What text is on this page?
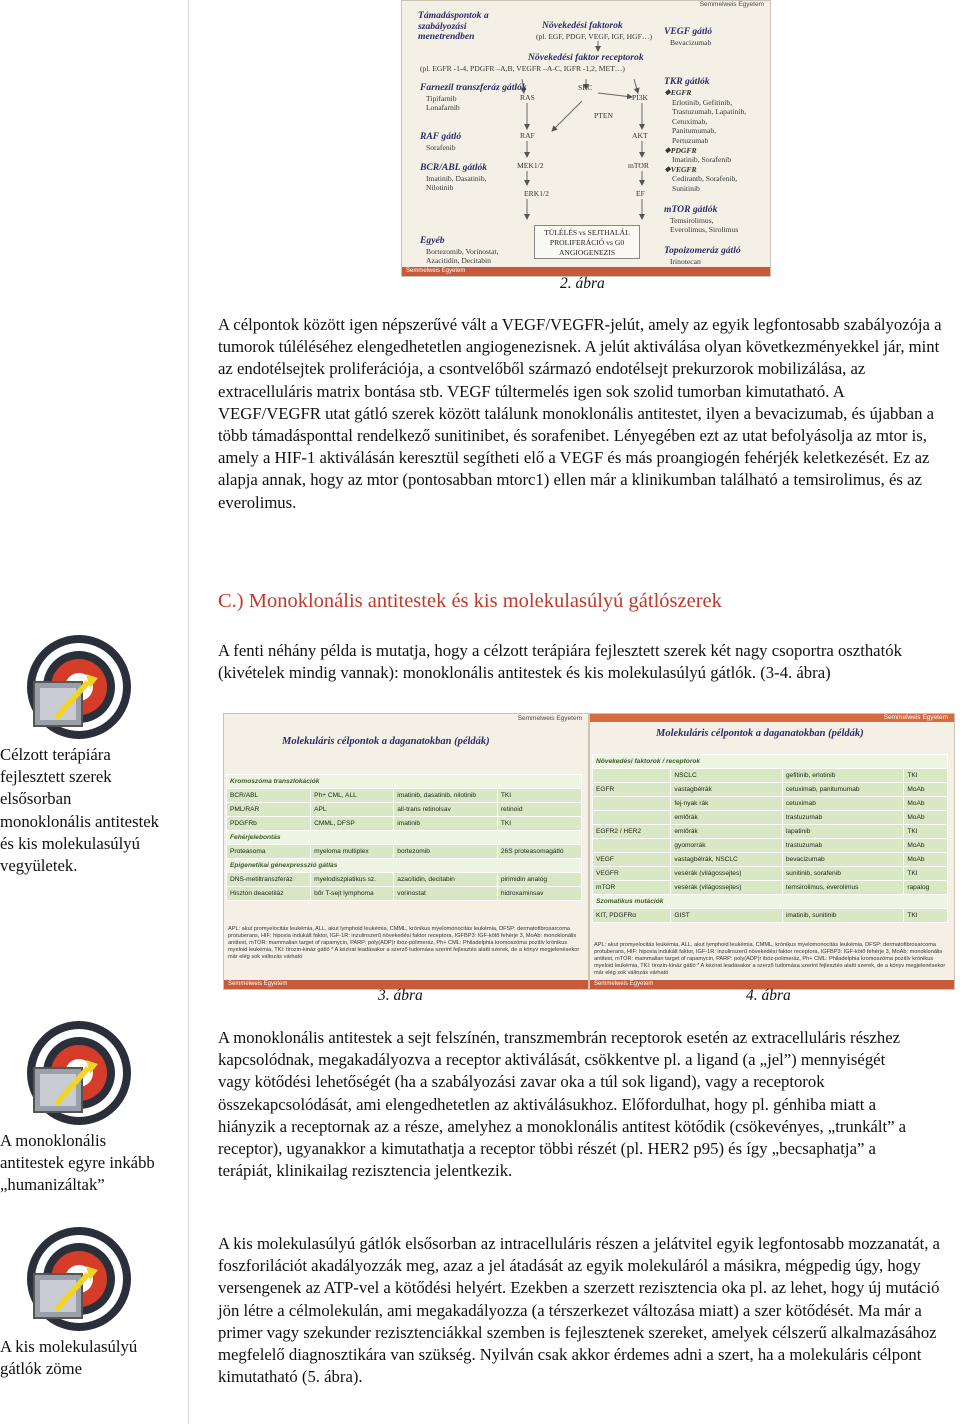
Semmelweis Egyetem
Támadáspontok a szabályozási menetrendben
Növekedési faktorok
(pl. EGF, PDGF, VEGF, IGF, HGF…) VEGF gátló
Bevacizumab
Növekedési faktor receptorok
(pl. EGFR -1-4, PDGFR –A,B, VEGFR –A-C, IGFR -1,2, MET…)
Farnezil transzferáz gátlók
Tipifarnib
Lonafarnib
RAF gátló
Sorafenib
BCR/ABL gátlók
Imatinib, Dasatinib,
Nilotinib
Egyéb
Bortezomib, Vorinostat,
Azacitidin, Decitabin
RAS
SRC
PI3K
PTEN
RAF	AKT
MEK1/2	mTOR
ERK1/2	EF
TÚLÉLÉS vs SEJTHALÁL
PROLIFERÁCIÓ vs G0
ANGIOGENEZIS
TKR gátlók
❖EGFR
Erlotinib, Gefitinib,
Trastuzumab, Lapatinib,
Cetuximab,
Panitumumab,
Pertuzumab
❖PDGFR
Imatinib, Sorafenib
❖VEGFR
Cedirantb, Sorafenib,
Sunitinib
mTOR gátlók
Temsirolimus,
Everolimus, Sirolimus
Topoizomeráz gátló
Irinotecan
Semmelweis Egyetem
2. ábra
A célpontok között igen népszerűvé vált a VEGF/VEGFR-jelút, amely az egyik legfontosabb szabályozója a tumorok túléléséhez elengedhetetlen angiogenezisnek. A jelút aktiválása olyan következményekkel jár, mint az endotélsejtek proliferációja, a csontvelőből származó endotélsejt prekurzorok mobilizálása, az extracelluláris matrix bontása stb. VEGF túltermelés igen sok szolid tumorban kimutatható. A VEGF/VEGFR utat gátló szerek között találunk monoklonális antitestet, ilyen a bevacizumab, és újabban a több támadásponttal rendelkező sunitinibet, és sorafenibet. Lényegében ezt az utat befolyásolja az mtor is, amely a HIF-1 aktiválásán keresztül segítheti elő a VEGF és más proangiogén fehérjék keletkezését. Ez az alapja annak, hogy az mtor (pontosabban mtorc1) ellen már a klinikumban található a temsirolimus, és az everolimus.
C.) Monoklonális antitestek és kis molekulasúlyú gátlószerek
Célzott terápiára fejlesztett szerek elsősorban monoklonális antitestek és kis molekulasúlyú vegyületek.
A fenti néhány példa is mutatja, hogy a célzott terápiára fejlesztett szerek két nagy csoportra oszthatók (kivételek mindig vannak): monoklonális antitestek és kis molekulasúlyú gátlók. (3-4. ábra)
Semmelweis Egyetem
Molekuláris célpontok a daganatokban (példák)
Kromoszóma transzlokációk			
BCR/ABL	Ph+ CML, ALL	imatinib, dasatinib, nilotinib	TKI
PML/RAR	APL	all-trans retinolsav	retinoid
PDGFRb	CMML, DFSP	imatinib	TKI
Fehérjelebontás			
Proteasoma	myeloma multiplex	bortezomib	26S proteasomagátló
Epigenetikai génexpresszió gátlás			
DNS-metiltranszferáz	myelodiszplatikus sz.	azacitidin, decitabin	pirimidin analóg
Hiszton deacetiláz	bőr T-sejt lymphoma	vorinostat	hidroxaminsav
APL: akut promyelocitás leukémia, ALL, akut lymphoid leukémia, CMML, krónikus myelomonocitás leukémia, DFSP: dermatofibrosarcoma protuberans, HIF: hipoxia indukált faktor, IGF-1R: inzulinszerű növekedési faktor receptora, IGFBP3: IGF-kötő fehérje 3, MoAb: monoklonális antitest, mTOR: mammalian target of rapamycin, PARP: poly(ADP)r ibóz-polimeráz, Ph+ CML: Philadelphia kromoszóma pozitív krónikus myeloid leukémia, TKI: tirozin-kináz gátló * A kézirat leadásakor a szerző tudomása szerint fejlesztés alatti szerek, de a könyv megjelenésekor már elég sok változás várható
Semmelweis Egyetem
Semmelweis Egyetem
Molekuláris célpontok a daganatokban (példák)
Növekedési faktorok / receptorok			
	NSCLC	gefitinib, erlotinib	TKI
EGFR	vastagbélrák	cetuximab, panitumumab	MoAb
	fej-nyak rák	cetuximab	MoAb
	emlőrák	trastuzumab	MoAb
EGFR2 / HER2	emlőrák	lapatinib	TKI
	gyomorrák	trastuzumab	MoAb
VEGF	vastagbélrák, NSCLC	bevacizumab	MoAb
VEGFR	vesérák (világossejtes)	sunitinib, sorafenib	TKI
mTOR	vesérák (világossejtes)	temsirolimus, everolimus	rapalog
Szomatikus mutációk			
KIT, PDGFRα	GIST	imatinib, sunitinib	TKI
APL: akut promyelocitás leukémia, ALL, akut lymphoid leukémia, CMML, krónikus myelomonocitás leukémia, DFSP: dermatofibrosarcoma protuberans, HIF: hipoxia indukált faktor, IGF-1R: inzulinszerű növekedési faktor receptora, IGFBP3: IGF-kötő fehérje 3, MoAb: monoklonális antitest, mTOR: mammalian target of rapamycin, PARP: poly(ADP)r ibóz-polimeráz, Ph+ CML: Philadelphia kromoszóma pozitív krónikus myeloid leukémia, TKI: tirozin-kináz gátló * A kézirat leadásakor a szerző tudomása szerint fejlesztés alatti szerek, de a könyv megjelenésekor már elég sok változás várható
Semmelweis Egyetem
3. ábra	4. ábra
A monoklonális antitestek egyre inkább „humanizáltak”
A kis molekulasúlyú gátlók zöme
A monoklonális antitestek a sejt felszínén, transzmembrán receptorok esetén az extracelluláris részhez kapcsolódnak, megakadályozva a receptor aktiválását, csökkentve pl. a ligand (a „jel”) mennyiségét vagy kötődési lehetőségét (ha a szabályozási zavar oka a túl sok ligand), vagy a receptorok összekapcsolódását, ami elengedhetetlen az aktiválásukhoz. Előfordulhat, hogy pl. génhiba miatt a hiányzik a receptornak az a része, amelyhez a monoklonális antitest kötődik (csökevényes, „trunkált” a receptor), ugyanakkor a kimutathatja a receptor többi részét (pl. HER2 p95) és így „becsaphatja” a terápiát, klinikailag rezisztencia jelentkezik.
A kis molekulasúlyú gátlók elsősorban az intracelluláris részen a jelátvitel egyik legfontosabb mozzanatát, a foszforilációt akadályozzák meg, azaz a jel átadását az egyik molekuláról a másikra, mégpedig úgy, hogy versengenek az ATP-vel a kötődési helyért. Ezekben a szerzett rezisztencia oka pl. az lehet, hogy új mutáció jön létre a célmolekulán, ami megakadályozza (a térszerkezet változása miatt) a szer kötődését. Ma már a primer vagy szekunder rezisztenciákkal szemben is fejlesztenek szereket, amelyek célszerű alkalmazásához megfelelő diagnosztikára van szükség. Nyilván csak akkor érdemes adni a szert, ha a molekuláris célpont kimutatható (5. ábra).
